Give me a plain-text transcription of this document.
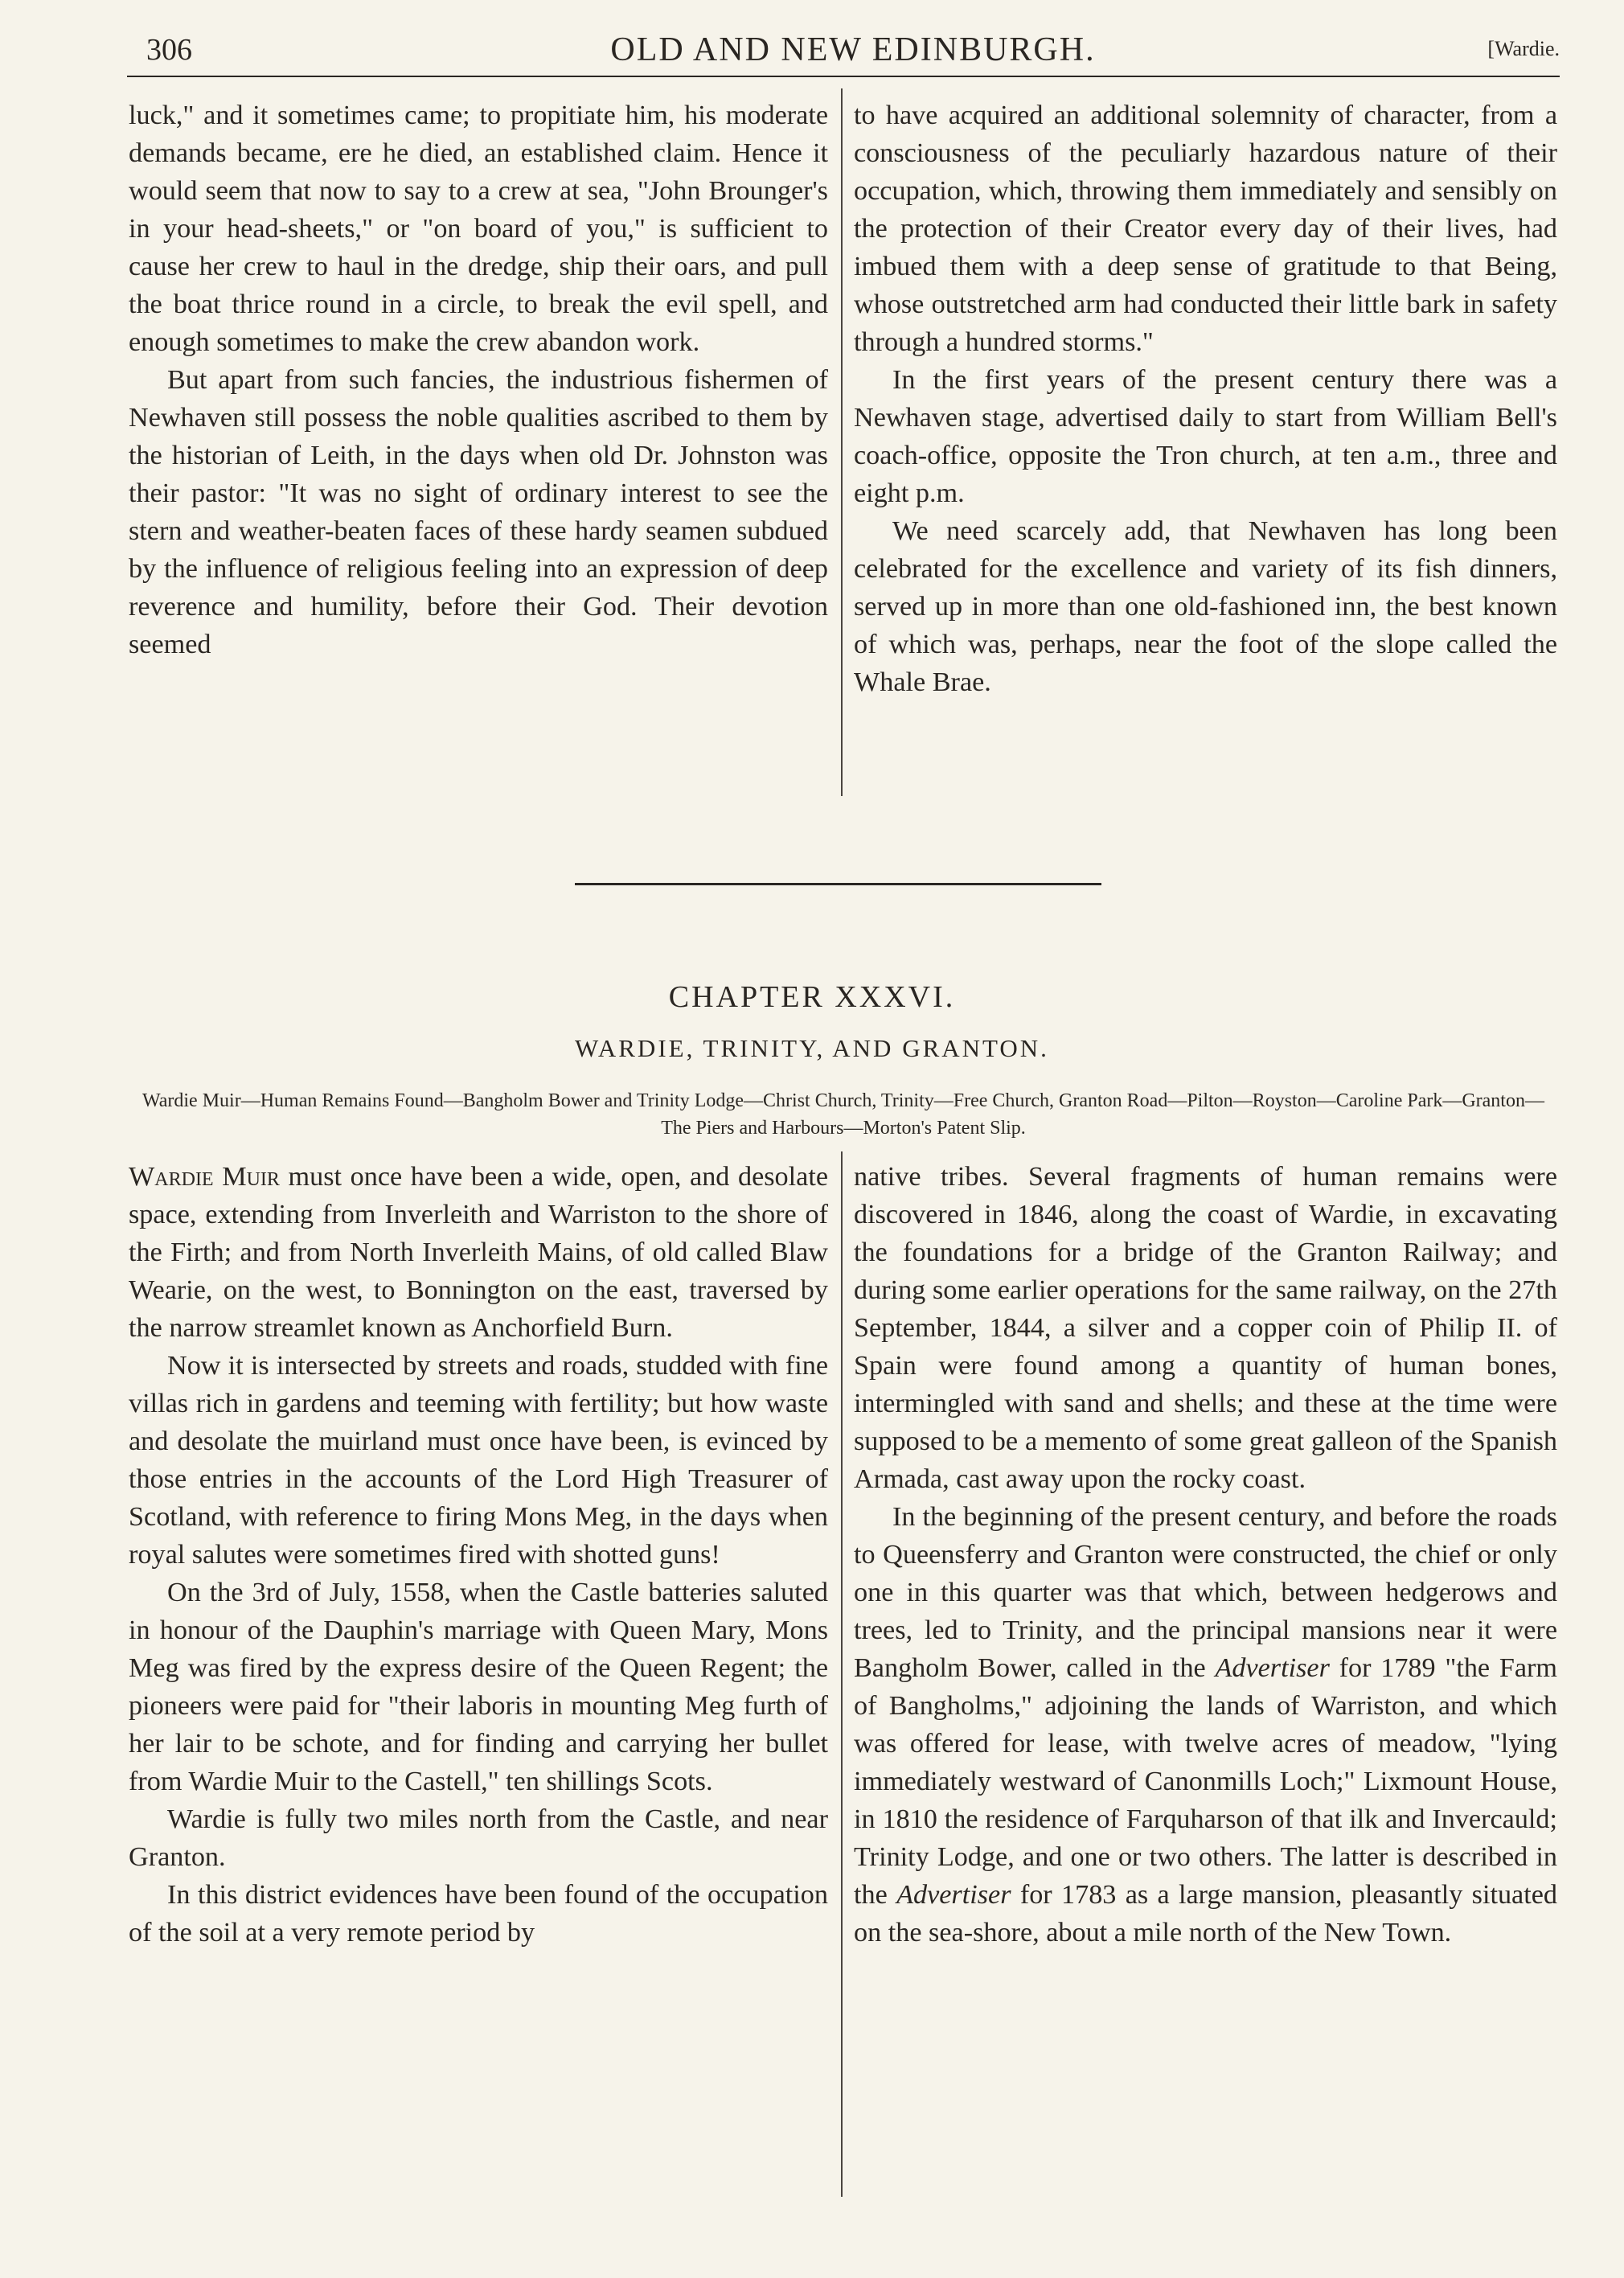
306	OLD AND NEW EDINBURGH.	[Wardie.

luck," and it sometimes came; to propitiate him, his moderate demands became, ere he died, an established claim. Hence it would seem that now to say to a crew at sea, "John Brounger's in your head-sheets," or "on board of you," is sufficient to cause her crew to haul in the dredge, ship their oars, and pull the boat thrice round in a circle, to break the evil spell, and enough sometimes to make the crew abandon work.

But apart from such fancies, the industrious fishermen of Newhaven still possess the noble qualities ascribed to them by the historian of Leith, in the days when old Dr. Johnston was their pastor: "It was no sight of ordinary interest to see the stern and weather-beaten faces of these hardy seamen subdued by the influence of religious feeling into an expression of deep reverence and humility, before their God. Their devotion seemed

to have acquired an additional solemnity of character, from a consciousness of the peculiarly hazardous nature of their occupation, which, throwing them immediately and sensibly on the protection of their Creator every day of their lives, had imbued them with a deep sense of gratitude to that Being, whose outstretched arm had conducted their little bark in safety through a hundred storms."

In the first years of the present century there was a Newhaven stage, advertised daily to start from William Bell's coach-office, opposite the Tron church, at ten a.m., three and eight p.m.

We need scarcely add, that Newhaven has long been celebrated for the excellence and variety of its fish dinners, served up in more than one old-fashioned inn, the best known of which was, perhaps, near the foot of the slope called the Whale Brae.

CHAPTER XXXVI.
WARDIE, TRINITY, AND GRANTON.
Wardie Muir—Human Remains Found—Bangholm Bower and Trinity Lodge—Christ Church, Trinity—Free Church, Granton Road—Pilton—Royston—Caroline Park—Granton—The Piers and Harbours—Morton's Patent Slip.

Wardie Muir must once have been a wide, open, and desolate space, extending from Inverleith and Warriston to the shore of the Firth; and from North Inverleith Mains, of old called Blaw Wearie, on the west, to Bonnington on the east, traversed by the narrow streamlet known as Anchorfield Burn.

Now it is intersected by streets and roads, studded with fine villas rich in gardens and teeming with fertility; but how waste and desolate the muirland must once have been, is evinced by those entries in the accounts of the Lord High Treasurer of Scotland, with reference to firing Mons Meg, in the days when royal salutes were sometimes fired with shotted guns!

On the 3rd of July, 1558, when the Castle batteries saluted in honour of the Dauphin's marriage with Queen Mary, Mons Meg was fired by the express desire of the Queen Regent; the pioneers were paid for "their laboris in mounting Meg furth of her lair to be schote, and for finding and carrying her bullet from Wardie Muir to the Castell," ten shillings Scots.

Wardie is fully two miles north from the Castle, and near Granton.

In this district evidences have been found of the occupation of the soil at a very remote period by

native tribes. Several fragments of human remains were discovered in 1846, along the coast of Wardie, in excavating the foundations for a bridge of the Granton Railway; and during some earlier operations for the same railway, on the 27th September, 1844, a silver and a copper coin of Philip II. of Spain were found among a quantity of human bones, intermingled with sand and shells; and these at the time were supposed to be a memento of some great galleon of the Spanish Armada, cast away upon the rocky coast.

In the beginning of the present century, and before the roads to Queensferry and Granton were constructed, the chief or only one in this quarter was that which, between hedgerows and trees, led to Trinity, and the principal mansions near it were Bangholm Bower, called in the Advertiser for 1789 "the Farm of Bangholms," adjoining the lands of Warriston, and which was offered for lease, with twelve acres of meadow, "lying immediately westward of Canonmills Loch;" Lixmount House, in 1810 the residence of Farquharson of that ilk and Invercauld; Trinity Lodge, and one or two others. The latter is described in the Advertiser for 1783 as a large mansion, pleasantly situated on the sea-shore, about a mile north of the New Town.
